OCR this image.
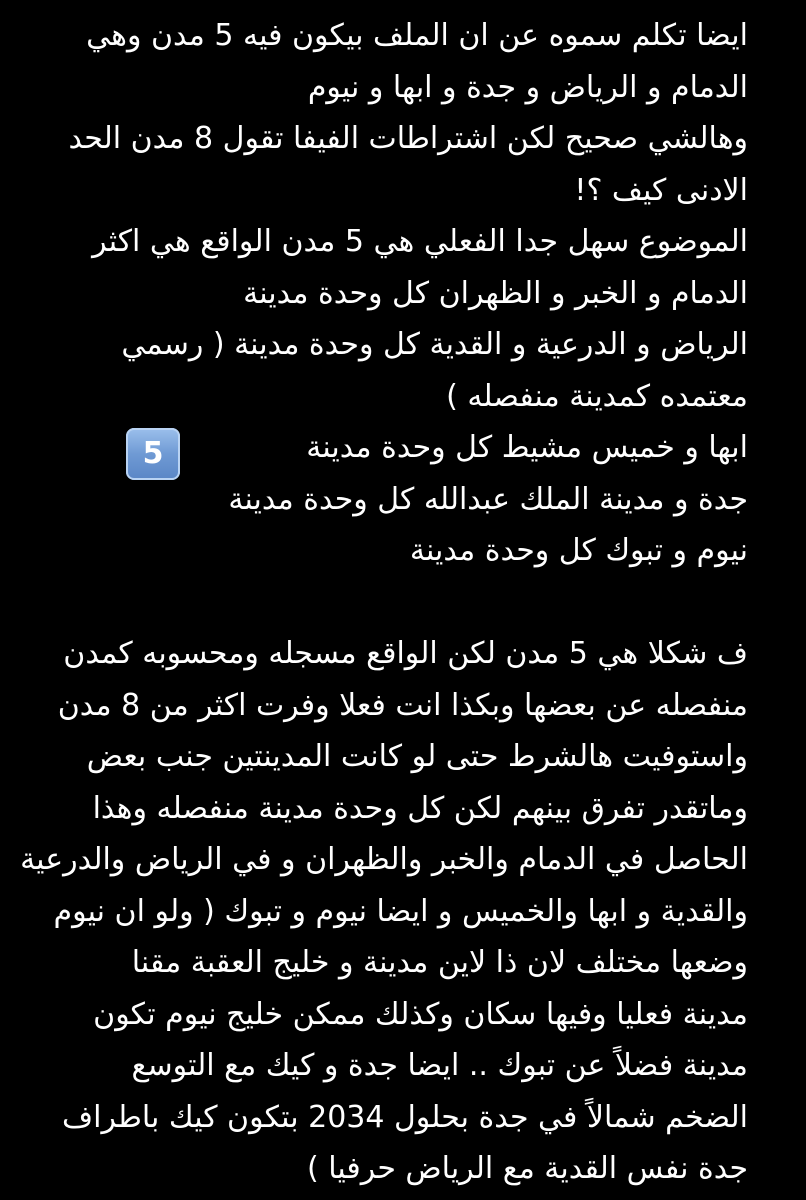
ايضا تكلم سموه عن ان الملف بيكون فيه 5 مدن وهي
الدمام و الرياض و جدة و ابها و نيوم
وهالشي صحيح لكن اشتراطات الفيفا تقول 8 مدن الحد
الادنى كيف ؟!
الموضوع سهل جدا الفعلي هي 5 مدن الواقع هي اكثر
الدمام و الخبر و الظهران كل وحدة مدينة
الرياض و الدرعية و القدية كل وحدة مدينة ( رسمي
معتمده كمدينة منفصله )
ابها و خميس مشيط كل وحدة مدينة
5
جدة و مدينة الملك عبدالله كل وحدة مدينة
نيوم و تبوك كل وحدة مدينة
ف شكلا هي 5 مدن لكن الواقع مسجله ومحسوبه كمدن
منفصله عن بعضها وبكذا انت فعلا وفرت اكثر من 8 مدن
واستوفيت هالشرط حتى لو كانت المدينتين جنب بعض
وماتقدر تفرق بينهم لكن كل وحدة مدينة منفصله وهذا
الحاصل في الدمام والخبر والظهران و في الرياض والدرعية
والقدية و ابها والخميس و ايضا نيوم و تبوك ( ولو ان نيوم
وضعها مختلف لان ذا لاين مدينة و خليج العقبة مقنا
مدينة فعليا وفيها سكان وكذلك ممكن خليج نيوم تكون
مدينة فضلاً عن تبوك .. ايضا جدة و كيك مع التوسع
الضخم شمالاً في جدة بحلول 2034 بتكون كيك باطراف
جدة نفس القدية مع الرياض حرفيا )
